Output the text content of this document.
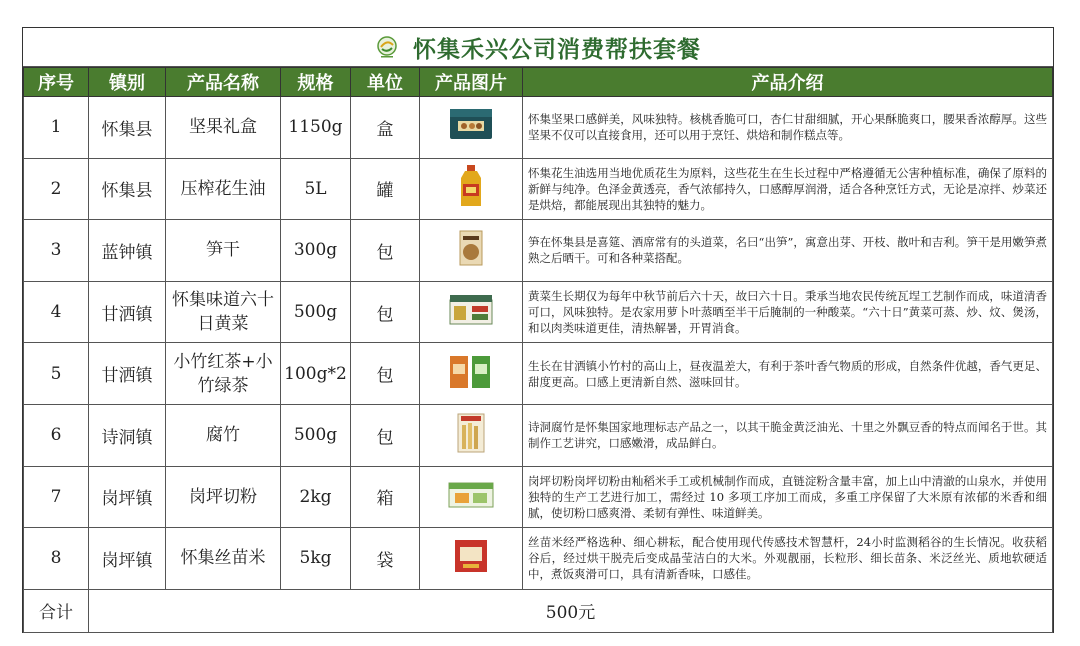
怀集禾兴公司消费帮扶套餐
序号	镇别	产品名称	规格	单位	产品图片	产品介绍
1	怀集县	坚果礼盒	1150g	盒		怀集坚果口感鲜美，风味独特。核桃香脆可口，杏仁甘甜细腻，开心果酥脆爽口，腰果香浓醇厚。这些坚果不仅可以直接食用，还可以用于烹饪、烘焙和制作糕点等。
2	怀集县	压榨花生油	5L	罐		怀集花生油选用当地优质花生为原料，这些花生在生长过程中严格遵循无公害种植标准，确保了原料的新鲜与纯净。色泽金黄透亮，香气浓郁持久，口感醇厚润滑，适合各种烹饪方式，无论是凉拌、炒菜还是烘焙，都能展现出其独特的魅力。
3	蓝钟镇	笋干	300g	包		笋在怀集县是喜筵、酒席常有的头道菜，名曰“出笋”，寓意出芽、开枝、散叶和吉利。笋干是用嫩笋煮熟之后晒干。可和各种菜搭配。
4	甘洒镇	怀集味道六十日黄菜	500g	包		黄菜生长期仅为每年中秋节前后六十天，故曰六十日。秉承当地农民传统瓦埕工艺制作而成，味道清香可口，风味独特。是农家用萝卜叶蒸晒至半干后腌制的一种酸菜。“六十日”黄菜可蒸、炒、炆、煲汤，和以肉类味道更佳，清热解暑，开胃消食。
5	甘洒镇	小竹红茶+小竹绿茶	100g*2	包		生长在甘洒镇小竹村的高山上，昼夜温差大，有利于茶叶香气物质的形成，自然条件优越，香气更足、甜度更高。口感上更清新自然、滋味回甘。
6	诗洞镇	腐竹	500g	包		诗洞腐竹是怀集国家地理标志产品之一，以其干脆金黄泛油光、十里之外飘豆香的特点而闻名于世。其制作工艺讲究，口感嫩滑，成品鲜白。
7	岗坪镇	岗坪切粉	2kg	箱		岗坪切粉岗坪切粉由籼稻米手工或机械制作而成，直链淀粉含量丰富，加上山中清澈的山泉水，并使用独特的生产工艺进行加工，需经过 10 多项工序加工而成，多重工序保留了大米原有浓郁的米香和细腻，使切粉口感爽滑、柔韧有弹性、味道鲜美。
8	岗坪镇	怀集丝苗米	5kg	袋		丝苗米经严格选种、细心耕耘，配合使用现代传感技术智慧杆，24小时监测稻谷的生长情况。收获稻谷后，经过烘干脱壳后变成晶莹洁白的大米。外观靓丽，长粒形、细长苗条、米泛丝光、质地软硬适中，煮饭爽滑可口，具有清新香味，口感佳。
合计	500元					
